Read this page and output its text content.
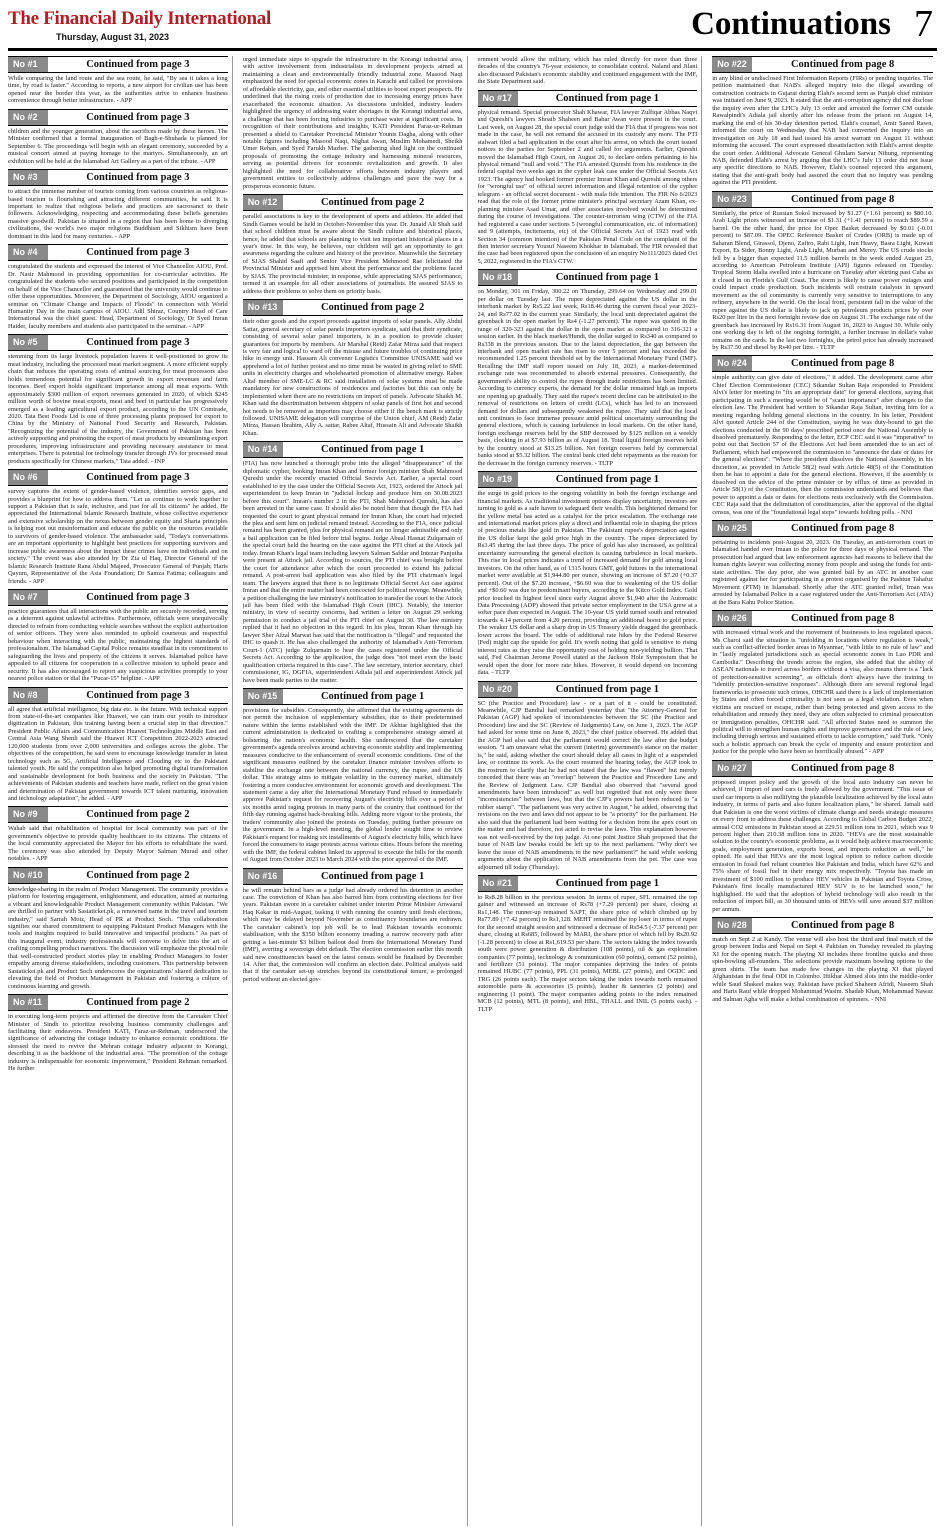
The Financial Daily International
Thursday, August 31, 2023	Continuations 7
No #1	Continued from page 3

While comparing the land route and the sea route, he said, "By sea it takes a long time, by road is faster." According to reports, a new airport for civilian use has been opened near the border this year, as the authorities strive to enhance business convenience through better infrastructure. - APP

No #2	Continued from page 3

children and the younger generation, about the sacrifices made by these heroes. The Minister confirmed that a formal inauguration of Bagh-e-Shuhada is planned for September 6. The proceedings will begin with an elegant ceremony, succeeded by a musical concert aimed at paying homage to the martyrs. Simultaneously, an art exhibition will be held at the Islamabad Art Gallery as a part of the tribute. - APP

No #3	Continued from page 3

to attract the immense number of tourists coming from various countries as religious-based tourism is flourishing and attracting different communities, he said. It is important to realize that religious beliefs and practices are sacrosanct to their followers. Acknowledging, respecting and accommodating these beliefs generates massive goodwill. Pakistan is situated in a region that has been home to diverging civilizations, the world's two major religions Buddhism and Sikhism have been dominant in this land for many centuries. - APP

No #4	Continued from page 3

congratulated the students and expressed the interest of Vice Chancellor AIOU, Prof. Dr. Nasir Mahmood in providing opportunities for co-curricular activities. He congratulated the students who secured positions and participated in the competition on behalf of the Vice Chancellor and guaranteed that the university would continue to offer these opportunities. Moreover, the Department of Sociology, AIOU organized a seminar on "Climate Change and Impacts of Floods" in connection with World Humanity Day in the main campus of AIOU. Adil Shiraz, Country Head of Care International was the chief guest. Head, Department of Sociology, Dr Syed Imran Haider, faculty members and students also participated in the seminar. - APP

No #5	Continued from page 3

stemming from its large livestock population leaves it well-positioned to grow its meat industry, including the processed meat market segment. A more efficient supply chain that reduces the operating costs of animal sourcing for meat processors also holds tremendous potential for significant growth in export revenues and farm incomes. Beef export holds significant importance among all meat exports. With approximately $300 million of export revenues generated in 2020, of which $245 million worth of bovine meat exports, meat and beef in particular has progressively emerged as a leading agricultural export product, according to the UN Comtrade, 2020. Tata Best Foods Ltd is one of three processing plants proposed for export to China by the Ministry of National Food Security and Research, Pakistan. "Recognizing the potential of the industry, the Government of Pakistan has been actively supporting and promoting the export of meat products by streamlining export procedures, improving infrastructure and providing necessary assistance to meat enterprises. There is potential for technology transfer through JVs for processed meat products specifically for Chinese markets," Tata added. - INP

No #6	Continued from page 3

survey captures the extent of gender-based violence, identifies service gaps, and provides a blueprint for how to address them. "Let us continue to work together to support a Pakistan that is safe, inclusive, and just for all its citizens" he added. He appreciated the International Islamic Research Institute, whose collective experience and extensive scholarship on the nexus between gender equity and Sharia principles is helping root out misinformation and educate the public on the resources available to survivors of gender-based violence. The ambassador said, "Today's conversations are an important opportunity to highlight best practices for supporting survivors and increase public awareness about the impact these crimes have on individuals and on society." The event was also attended by Dr Zia ul Haq, Director General of the Islamic Research Institute Rana Abdul Majeed, Prosecutor General of Punjab; Haris Qayum, Representative of the Asia Foundation; Dr Samza Fatima; colleagues and friends. - APP

No #7	Continued from page 3

practice guarantees that all interactions with the public are securely recorded, serving as a deterrent against unlawful activities. Furthermore, officials were unequivocally directed to refrain from conducting vehicle searches without the explicit authorization of senior officers. They were also reminded to uphold courteous and respectful behaviour when interacting with the public, maintaining the highest standards of professionalism. The Islamabad Capital Police remains steadfast in its commitment to safeguarding the lives and property of the citizens it serves. Islamabad police have appealed to all citizens for cooperation in a collective mission to uphold peace and security. It has also encouraged to report any suspicious activities promptly to your nearest police station or dial the "Pucar-15" helpline. - APP

No #8	Continued from page 3

all agree that artificial intelligence, big data etc. is the future. With technical support from state-of-the-art companies like Huawei, we can train our youth to introduce digitization in Pakistan, this training having been a crucial step in that direction." President Public Affairs and Communication Huawei Technologies Middle East and Central Asia Wang Shenli said the Huawei ICT Competition 2022-2023 attracted 120,000 students from over 2,000 universities and colleges across the globe. The objectives of the competition, he said were to encourage knowledge transfer in latest technology such as 5G, Artificial Intelligence and Clouding etc to the Pakistani talented youth. He said the competition also helped promoting digital transformation and sustainable development for both business and the society in Pakistan. "The achievements of Pakistan students and teachers have made, reflect on the great vision and determination of Pakistan government towards ICT talent nurturing, innovation and technology adaptation", he added. - APP

No #9	Continued from page 2

Wahab said that rehabilitation of hospital for local community was part of the government's objective to provide quality healthcare to its citizens. The citizens of the local community appreciated the Mayor for his efforts to rehabilitate the ward. The ceremony was also attended by Deputy Mayor Salman Murad and other notables. - APP

No #10	Continued from page 2

knowledge-sharing in the realm of Product Management. The community provides a platform for fostering engagement, enlightenment, and education, aimed at nurturing a vibrant and knowledgeable Product Management community within Pakistan. "We are thrilled to partner with Sastaticket.pk, a renowned name in the travel and tourism industry," said Sarrah Moiz, Head of PR at Product Soch. "This collaboration signifies our shared commitment to equipping Pakistani Product Managers with the tools and insights required to build innovative and impactful products." As part of this inaugural event, industry professionals will convene to delve into the art of crafting compelling product narratives. The discussion will emphasize the pivotal role that well-constructed product stories play in enabling Product Managers to foster empathy among diverse stakeholders, including customers. This partnership between Sastaticket.pk and Product Soch underscores the organizations' shared dedication to elevating the field of Product Management in Pakistan and fostering a culture of continuous learning and growth.

No #11	Continued from page 2

in executing long-term projects and affirmed the directive from the Caretaker Chief Minister of Sindh to prioritize resolving business community challenges and facilitating their endeavors. President KATI, Faraz-ur-Rehman, underscored the significance of advancing the cottage industry to enhance economic conditions. He stressed the need to revive the Mehran cottage industry adjacent to Korangi, describing it as the backbone of the industrial area. "The promotion of the cottage industry is indispensable for economic improvement," President Rehman remarked. He further

urged immediate steps to upgrade the infrastructure in the Korangi industrial area, with active involvement from industrialists in development projects aimed at maintaining a clean and environmentally friendly industrial zone. Masood Naqi emphasized the need for special economic zones in Karachi and called for provisions of affordable electricity, gas, and other essential utilities to boost export prospects. He underlined that the rising costs of production due to increasing energy prices have exacerbated the economic situation. As discussions unfolded, industry leaders highlighted the urgency of addressing water shortages in the Korangi industrial area, a challenge that has been forcing industries to purchase water at significant costs. In recognition of their contributions and insights, KATI President Faraz-ur-Rehman presented a shield to Caretaker Provincial Minister Younis Dagha, along with other notable figures including Masood Naqi, Nighat Awan, Muslim Mohamedi, Sheikh Umer Rehan, and Syed Farukh Mazher. The gathering shed light on the continued proposals of promoting the cottage industry and harnessing mineral resources, serving as potential drivers for economic revitalization and growth. It also highlighted the need for collaborative efforts between industry players and government entities to collectively address challenges and pave the way for a prosperous economic future.

No #12	Continued from page 2

parallel associations is key to the development of sports and athletes. He added that Sindh Games would be held in October-November this year. Dr. Junaid Ali Shah said that school children must be aware about the Sindh culture and historical places, hence, he added that schools are planning to visit ten important historical places in a year's time. In this way, he believes, our children will get an opportunity to get awareness regarding the culture and history of the province. Meanwhile the Secretary of SJAS Shahid Saafi and Senior Vice President Mehmood Rae felicitated the Provincial Minister and apprised him about the performance and the problems faced by SJAS. The provincial minister, in response, while appreciating SJAS performance, termed it an example for all other associations of journalists. He assured SJAS to address their problems to solve them on priority basis.

No #13	Continued from page 2

their other goods and the export proceeds against imports of solar panels. Ally Abdul Sattar, general secretary of solar panels importers syndicate, said that their syndicate, consisting of several solar panel importers, is in a position to provide cluster guarantees for imports by members. Air Marshal (Retd) Zafar Mirza said that respect is very fair and logical to ward off the misuse and future troubles of continuing price hike in energy unit. Hassam Ali convener Logistics Committee UNISAME said we apprehend a lot of further protest and no time must be wasted in giving relief to SME units in electricity charges and wholehearted promotion of alternative energy. Rabee Altaf member of SME-LC & RC said installation of solar systems must be made mandatory for new constructions of residences and factories but this can only be implemented when there are no restrictions on import of panels. Advocate Shaikh M. Khan said the discrimination between shippers of solar panels of first hot and second hot needs to be removed as importers may choose either if the bench mark is strictly followed. UNISAME delegation will comprise of the Union chief, AM (Retd) Zafar Mirza, Hassan Ibrahim, Ally A. sattar, Rabee Altaf, Hussain Ali and Advocate Shaikh Khan.

No #14	Continued from page 1

(FIA) has now launched a thorough probe into the alleged "disappearance" of the diplomatic cypher, booking Imran Khan and former foreign minister Shah Mahmood Qureshi under the recently enacted Official Secrets Act. Earlier, a special court established to try the case under the Official Secrets Act, 1923, ordered the Attock jail superintendent to keep Imran in "judicial lockup and produce him on 30.08.2023 before this court". Imran's number 2 in the PTI, Shah Mahmood Qureshi, has also been arrested in the same case. It should also be noted here that though the FIA had requested the court to grant physical remand for Imran Khan, the court had rejected the plea and sent him on judicial remand instead. According to the FIA, once judicial remand has been granted, plea for physical remand are no longer admissible and only a bail application can be filed before trial begins. Judge Abual Hasnat Zulqarnain of the special court held the hearing on the case against the PTI chief at the Attock jail today. Imran Khan's legal team including lawyers Salman Safdar and Intezar Panjutha were present at Attock jail. According to sources, the PTI chief was brought before the court for attendance after which the court proceeded to extend his judicial remand. A post-arrest bail application was also filed by the PTI chairman's legal team. The lawyers argued that there is no legitimate Official Secret Act case against Imran and that the entire matter had been concocted for political revenge. Meanwhile, a petition challenging the law ministry's notification to transfer the court to the Attock jail has been filed with the Islamabad High Court (IHC). Notably, the interior ministry, in view of security concerns, had written a letter on August 29 seeking permission to conduct a jail trial of the PTI chief on August 30. The law ministry replied that it had no objection in this regard. In his plea, Imran Khan through his lawyer Sher Afzal Marwat has said that the notification is "illegal" and requested the IHC to quash it. He has also challenged the authority of Islamabad's Anti-Terrorism Court-1 (ATC) judge Zulqarnain to hear the cases registered under the Official Secrets Act. According to the application, the judge does "not meet even the basic qualification criteria required in this case". The law secretary, interior secretary, chief commissioner, IG, DGFIA, superintendent Adiala jail and superintendent Attock jail have been made parties to the matter.

No #15	Continued from page 1

provisions for subsidies. Consequently, she affirmed that the existing agreements do not permit the inclusion of supplementary subsidies, due to their predetermined nature within the terms established with the IMF. Dr Akhtar highlighted that the current administration is dedicated to crafting a comprehensive strategy aimed at bolstering the nation's economic health. She underscored that the caretaker government's agenda revolves around achieving economic stability and implementing measures conducive to the enhancement of overall economic conditions. One of the significant measures outlined by the caretaker finance minister involves efforts to stabilise the exchange rate between the national currency, the rupee, and the US dollar. This strategy aims to mitigate volatility in the currency market, ultimately fostering a more conducive environment for economic growth and development. The statement came a day after the International Monetary Fund refused to immediately approve Pakistan's request for recovering August's electricity bills over a period of six months amid raging protests in many parts of the country that continued for the fifth day running against back-breaking bills. Adding more vigour to the protests, the traders' community also joined the protests on Tuesday, putting further pressure on the government. In a high-level meeting, the global lender sought time to review Pakistan's request for making six installments of August's electricity bills, which have forced the consumers to stage protests across various cities. Hours before the meeting with the IMF, the federal cabinet linked its approval to execute the bills for the month of August from October 2023 to March 2024 with the prior approval of the IMF.

No #16	Continued from page 1

he will remain behind bars as a judge had already ordered his detention in another case. The conviction of Khan has also barred him from contesting elections for five years. Pakistan swore in a caretaker cabinet under interim Prime Minister Anwaarul Haq Kakar in mid-August, tasking it with running the country until fresh elections, which may be delayed beyond November as constituency boundaries are redrawn. The caretaker cabinet's top job will be to lead Pakistan towards economic stabilisation, with the $350 billion economy treading a narrow recovery path after getting a last-minute $3 billion bailout deal from the International Monetary Fund (IMF), averting a sovereign debt default. The election commission earlier this month said new constituencies based on the latest census would be finalised by December 14. After that, the commission will confirm an election date. Political analysts said that if the caretaker set-up stretches beyond its constitutional tenure, a prolonged period without an elected gov-

ernment would allow the military, which has ruled directly for more than three decades of the country's 76-year existence, to consolidate control. Naland and Jilani also discussed Pakistan's economic stability and continued engagement with the IMF, the State Department said.

No #17	Continued from page 1

physical remand. Special prosecutor Shah Khawar, FIA lawyer Zulfiqar Abbas Naqvi and Qureshi's lawyers Shoaib Shaheen and Babar Awan were present in the court. Last week, on August 28, the special court judge told the FIA that if progress was not made in the case, he will not remand the accused in its custody any more. The PTI stalwart filed a bail application in the court after his arrest, on which the court issued notices to the parties for September 2 and called for arguments. Earlier, Qureshi moved the Islamabad High Court, on August 26, to declare orders pertaining to his physical remand "null and void." The FIA arrested Qureshi from his residence in the federal capital two weeks ago in the cypher leak case under the Official Secrets Act 1923. The agency had booked former premier Imran Khan and Qureshi among others for "wrongful use" of official secret information and illegal retention of the cypher telegram - an official secret document - with mala fide intention. The FIR No 6/2023 read that the role of the former prime minister's principal secretary Azam Khan, ex-planning minister Asad Umar, and other associates involved would be determined during the course of investigations. The counter-terrorism wing (CTW) of the FIA had registered a case under sections 5 (wrongful communication, etc. of information) and 9 (attempts, incitements, etc) of the Official Secrets Act of 1923 read with Section 34 (common intention) of the Pakistan Penal Code on the complaint of the then interior secretary Yousuf Naseem Khokhar in Islamabad. The FIR revealed that the case had been registered upon the conclusion of an enquiry No111/2023 dated Oct 5, 2022, registered in the FIA's CTW.

No #18	Continued from page 1

on Monday, 301 on Friday, 300.22 on Thursday, 299.64 on Wednesday and 299.01 per dollar on Tuesday last. The rupee depreciated against the US dollar in the interbank market by Rs5.22 last week, Rs18.46 during the current fiscal year 2023-24, and Rs77.02 in the current year. Similarly, the local unit depreciated against the greenback in the open market by Rs4 (-1.27 percent). The rupee was quoted in the range of 320-323 against the dollar in the open market as compared to 316-321 a session earlier. In the black market/Hundi, the dollar surged to Rs340 as compared to Rs338 in the previous session. Due to the latest depreciation, the gap between the interbank and open market rate has risen to over 5 percent and has exceeded the recommended 1.25 percent threshold set by the International Monetary Fund (IMF). Recalling the IMF staff report issued on July 18, 2023, a market-determined exchange rate was recommended to absorb external pressures. Consequently, the government's ability to control the rupee through trade restrictions has been limited. According to currency experts, the demand for the dollar remained high as imports are opening up gradually. They said the rupee's recent decline can be attributed to the removal of restrictions on letters of credit (LCs), which has led to an increased demand for dollars and subsequently weakened the rupee. They said that the local unit continues to face immense pressure amid political uncertainty surrounding the general elections, which is causing turbulence in local markets. On the other hand, foreign exchange reserves held by the SBP decreased by $125 million on a weekly basis, clocking in at $7.93 billion as of August 18. Total liquid foreign reserves held by the country stood at $13.25 billion. Net foreign reserves held by commercial banks stood at $5.32 billion. The central bank cited debt repayments as the reason for the decrease in the foreign currency reserves. - TLTP

No #19	Continued from page 1

the surge in gold prices to the ongoing volatility in both the foreign exchange and financial markets. As traditional investment options display uncertainty, investors are turning to gold as a safe haven to safeguard their wealth. This heightened demand for the yellow metal has acted as a catalyst for the price escalation. The exchange rate and international market prices play a direct and influential role in shaping the prices of precious metals like gold in Pakistan. The Pakistani rupee's depreciation against the US dollar kept the gold price high in the country. The rupee depreciated by Rs3.45 during the last three days. The price of gold has also increased, as political uncertainty surrounding the general election is causing turbulence in local markets. This rise in local prices indicates a trend of increased demand for gold among local investors. On the other hand, as of 1315 hours GMT, gold futures in the international market were available at $1,944.80 per ounce, showing an increase of $7.20 (+0.37 percent). Out of the $7.20 increase, +$6.60 was due to weakening of the US dollar and +$0.60 was due to predominant buyers, according to the Kitco Gold Index. Gold price touched its highest level since early August above $1,940 after the Automatic Data Processing (ADP) showed that private sector employment in the USA grew at a softer pace than expected in August. The 10-year US yield turned south and retreated towards 4.14 percent from 4.20 percent, providing an additional boost to gold price. The weaker US dollar and a sharp drop in US Treasury yields dragged the greenback lower across the board. The odds of additional rate hikes by the Federal Reserve (Fed) might cap the upside for gold. It's worth noting that gold is sensitive to rising interest rates as they raise the opportunity cost of holding non-yielding bullion. That said, Fed Chairman Jerome Powell stated at the Jackson Hole Symposium that he would open the door for more rate hikes. However, it would depend on incoming data. - TLTP

No #20	Continued from page 1

SC (the Practice and Procedure) law - or a part of it - could be constituted. Meanwhile, CJP Bandial had remarked yesterday that "the Attorney-General for Pakistan (AGP) had spoken of inconsistencies between the SC (the Practice and Procedure) law and the SC (Review of Judgments) Law, on June 1, 2023. The AGP had asked for some time on June 8, 2023," the chief justice observed. He added that the AGP had also said that the parliament would correct the law after the budget session. "I am unaware what the current (interim) government's stance on the matter is," he said, asking whether the court should delay all cases in light of a suspended law, or continue its work. As the court resumed the hearing today, the AGP took to the rostrum to clarify that he had not stated that the law was "flawed" but merely conceded that there was an "overlap" between the Practice and Procedure Law and the Review of Judgment Law. CJP Bandial also observed that "several good amendments have been introduced" as well but regretted that not only were there "inconsistencies" between laws, but that the CJP's powers had been reduced to "a rubber stamp". "The parliament was very active in August," he added, observing that revisions on the two and laws did not appear to be "a priority" for the parliament. He also said that the parliament had been waiting for a decision from the apex court on the matter and had therefore, not acted to revise the laws. This explanation however was not well-received by the top judge. At one point Justice Shah proposed that the issue of NAB law tweaks could be left up to the next parliament. "Why don't we leave the issue of NAB amendments to the new parliament?" he said while seeking arguments about the application of NAB amendments from the pet. The case was adjourned till today (Thursday).

No #21	Continued from page 1

to Rs8.28 billion in the previous session. In terms of rupee, SFL remained the top gainer and witnessed an increase of Rs78 (+7.29 percent) per share, closing at Rs1,148. The runner-up remained SAPT, the share price of which climbed up by Rs77.89 (+7.42 percent) to Rs1,128. MEHT remained the top loser in terms of rupee for the second straight session and witnessed a decrease of Rs54.5 (-7.37 percent) per share, closing at Rs685, followed by MARI, the share price of which fell by Rs20.92 (-1.28 percent) to close at Rs1,619.53 per share. The sectors taking the index towards south were power generation & distribution (108 points), oil & gas exploration companies (77 points), technology & communication (60 points), cement (52 points), and fertilizer (51 points). The major companies depriving the index of points remained HUBC (77 points), PPL (31 points), MEBL (27 points), and OGDC and TRG (26 points each). The major sectors taking the index towards north remained automobile parts & accessories (5 points), leather & tanneries (2 points) and engineering (1 point). The major companies adding points to the index remained MCB (12 points), MTL (8 points), and HBL, THALL and INIL (5 points each). - TLTP

No #22	Continued from page 8

in any blind or undisclosed First Information Reports (FIRs) or pending inquiries. The petition maintained that NAB's alleged inquiry into the illegal awarding of construction contracts in Gujarat during Elahi's second term as Punjab chief minister was initiated on June 9, 2023. It stated that the anti-corruption agency did not disclose the inquiry even after the LHC's July 13 order and arrested the former CM outside Rawalpindi's Adiala jail shortly after his release from the prison on August 14, marking the end of his 30-day detention period. Elahi's counsel, Amir Saeed Rawn, informed the court on Wednesday that NAB had converted the inquiry into an investigation on July 18 and had issued his arrest warrant on August 11 without informing the accused. The court expressed dissatisfaction with Elahi's arrest despite the court order. Additional Advocate General Ghulam Sarwar Nihung, representing NAB, defended Elahi's arrest by arguing that the LHC's July 13 order did not issue any specific directions to NAB. However, Elahi's counsel rejected this argument, stating that the anti-graft body had assured the court that no inquiry was pending against the PTI president.

No #23	Continued from page 8

Similarly, the price of Russian Sokol increased by $1.27 (+1.61 percent) to $80.10. Arab Light prices witnessed an increase of $1.31 (+1.41 percent) to reach $89.59 a barrel. On the other hand, the price for Opec Basket decreased by $0.01 (-0.01 percent) to $87.09. The OPEC Reference Basket of Crudes (ORB) is made up of Saharan Blend, Girassol, Djeno, Zafiro, Rabi Light, Iran Heavy, Basra Light, Kuwait Export, Es Sider, Bonny Light, Arab Light, Murban and Merey. The US crude stocks fell by a bigger than expected 11.5 million barrels in the week ended August 25, according to American Petroleum Institute (API) figures released on Tuesday. Tropical Storm Idalia swelled into a hurricane on Tuesday after skirting past Cuba as it closed in on Florida's Gulf Coast. The storm is likely to cause power outages and could impact crude production. Such incidents will restrain catalysts in upward movement as the oil community is currently very sensitive to interruptions to any refinery, anywhere in the world. On the local front, persistent fall in the value of the rupee against the US dollar is likely to jack up petroleum products prices by over Rs20 per litre in the next fortnight review due on August 31. The exchange rate of the greenback has increased by Rs16.31 from August 16, 2023 to August 30. While only one working day is left of the ongoing fortnight, a further increase in dollar's value remains on the cards. In the last two fortnights, the petrol price has already increased by Rs37.50 and diesel by Rs40 per litre. - TLTP

No #24	Continued from page 8

simple authority can give date of elections," it added. The development came after Chief Election Commissioner (CEC) Sikandar Sultan Raja responded to President Alvi's letter for meeting to "fix an appropriate date" for general elections, saying that participating in such a meeting would be of "scant importance" after changes to the election law. The President had written to Sikandar Raja Sultan, inviting him for a meeting regarding holding general elections in the country. In his letter, President Alvi quoted Article 244 of the Constitution, saying he was duty-bound to get the elections conducted in the 90 days' prescribed period once the National Assembly is dissolved prematurely. Responding to the letter, ECP CEC said it was "imperative" to point out that Section 57 of the Elections Act had been amended due to an act of Parliament, which had empowered the commission to "announce the date or dates for the general elections". "Where the president dissolves the National Assembly, in his discretion, as provided in Article 58(2) read with Article 48(5) of the Constitution then he has to appoint a date for the general elections. However, if the assembly is dissolved on the advice of the prime minister or by efflux of time as provided in Article 58(1) of the Constitution, then the commission understands and believes that power to appoint a date or dates for elections rests exclusively with the Commission. CEC Raja said that the delimitation of constituencies, after the approval of the digital census, was one of the "foundational legal steps" towards holding polls. - NNI

No #25	Continued from page 8

pertaining to incidents post-August 20, 2023. On Tuesday, an anti-terrorism court in Islamabad handed over Imaan to the police for three days of physical remand. The prosecution had argued that law enforcement agencies had reasons to believe that the human rights lawyer was collecting money from people and using the funds for anti-state activities. The day prior, she was granted bail by an ATC in another case registered against her for participating in a protest organised by the Pashtun Tahafuz Movement (PTM) in Islamabad. Shortly after the ATC granted relief, Iman was arrested by Islamabad Police in a case registered under the Anti-Terrorism Act (ATA) at the Bara Kahu Police Station.

No #26	Continued from page 8

with increased virtual work and the movement of businesses to less regulated spaces. Ms Charoi said the situation is "unfolding in locations where regulation is weak," such as conflict-affected border areas in Myanmar, "with little to no rule of law" and in "lastly regulated jurisdictions such as special economic zones in Lao PDR and Cambodia." Describing the trends across the region, she added that the ability of ASEAN nationals to travel across borders without a visa, also means there is a "lack of protection-sensitive screening", as officials don't always have the training to "identify protection-sensitive responses". Although there are several regional legal frameworks to prosecute such crimes, OHCHR said there is a lack of implementation by States and often forced criminality is not seen as a legal violation. Even when victims are rescued or escape, rather than being protected and given access to the rehabilitation and remedy they need, they are often subjected to criminal prosecution or immigration penalties, OHCHR said. "All affected States need to summon the political will to strengthen human rights and improve governance and the rule of law, including through serious and sustained efforts to tackle corruption," said Turk. "Only such a holistic approach can break the cycle of impunity and ensure protection and justice for the people who have been so horrifically abused." - APP

No #27	Continued from page 8

proposed import policy and the growth of the local auto industry can never be achieved, if import of used cars is freely allowed by the government. "This issue of used car imports is also nullifying the plausible localization achieved by the local auto industry, in terms of parts and also future localization plans," he shared. Jamali said that Pakistan is one the worst victims of climate change and needs strategic measures on every front to address these challenges. According to Global Carbon Budget 2022, annual CO2 emissions in Pakistan stood at 229.51 million tons in 2021, which was 9 percent higher than 210.38 million tons in 2020. "HEVs are the most sustainable solution to the country's economic problems, as it would help achieve macroeconomic goals, employment generation, exports boost, and imports reduction as well," he opined. He said that HEVs are the most logical option to reduce carbon dioxide emission in fossil fuel reliant countries like Pakistan and India, which have 62% and 75% share of fossil fuel in their energy mix respectively. "Toyota has made an investment of $100 million to produce HEV vehicles in Pakistan and Toyota Cross, Pakistan's first locally manufactured HEV SUV is to be launched soon," he highlighted. He said that the adoption of hybrid technology will also result in the reduction of import bill, as 30 thousand units of HEVs will save around $37 million per annum.

No #28	Continued from page 8

match on Sept 2 at Kandy. The venue will also host the third and final match of the group between India and Nepal on Sept 4. Pakistan on Tuesday revealed its playing XI for the opening match. The playing XI includes three frontline quicks and three spin-bowling all-rounders. The selections provide maximum bowling options to the green shirts. The team has made few changes in the playing XI that played Afghanistan in the final ODI in Colombo. Iftikhar Ahmed slots into the middle-order while Saud Shakeel makes way. Pakistan have picked Shaheen Afridi, Naseem Shah and Haris Rauf while dropped Mohammad Wasim. Shadab Khan, Mohammad Nawaz and Salman Agha will make a lethal combination of spinners. - NNI
